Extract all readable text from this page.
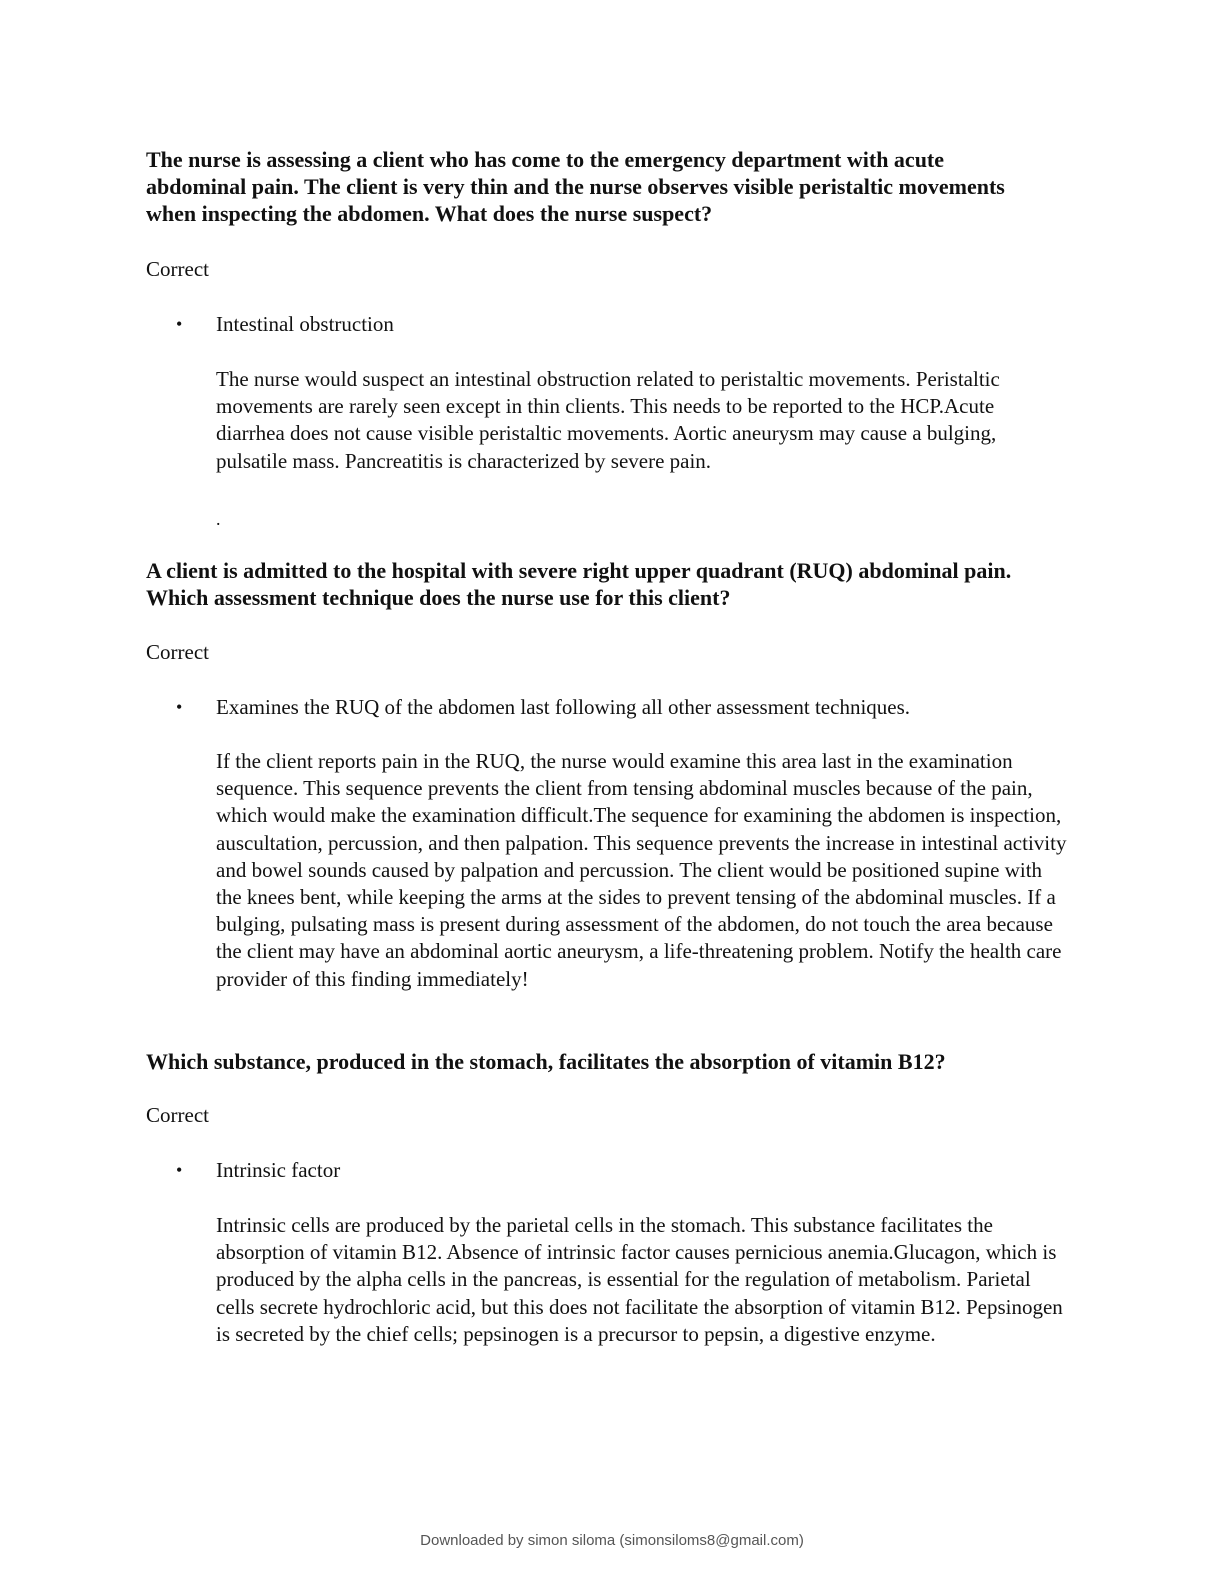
The nurse is assessing a client who has come to the emergency department with acute abdominal pain. The client is very thin and the nurse observes visible peristaltic movements when inspecting the abdomen. What does the nurse suspect?
Correct
• Intestinal obstruction
The nurse would suspect an intestinal obstruction related to peristaltic movements. Peristaltic movements are rarely seen except in thin clients. This needs to be reported to the HCP.Acute diarrhea does not cause visible peristaltic movements. Aortic aneurysm may cause a bulging, pulsatile mass. Pancreatitis is characterized by severe pain.
.
A client is admitted to the hospital with severe right upper quadrant (RUQ) abdominal pain. Which assessment technique does the nurse use for this client?
Correct
• Examines the RUQ of the abdomen last following all other assessment techniques.
If the client reports pain in the RUQ, the nurse would examine this area last in the examination sequence. This sequence prevents the client from tensing abdominal muscles because of the pain, which would make the examination difficult.The sequence for examining the abdomen is inspection, auscultation, percussion, and then palpation. This sequence prevents the increase in intestinal activity and bowel sounds caused by palpation and percussion. The client would be positioned supine with the knees bent, while keeping the arms at the sides to prevent tensing of the abdominal muscles. If a bulging, pulsating mass is present during assessment of the abdomen, do not touch the area because the client may have an abdominal aortic aneurysm, a life-threatening problem. Notify the health care provider of this finding immediately!
Which substance, produced in the stomach, facilitates the absorption of vitamin B12?
Correct
• Intrinsic factor
Intrinsic cells are produced by the parietal cells in the stomach. This substance facilitates the absorption of vitamin B12. Absence of intrinsic factor causes pernicious anemia.Glucagon, which is produced by the alpha cells in the pancreas, is essential for the regulation of metabolism. Parietal cells secrete hydrochloric acid, but this does not facilitate the absorption of vitamin B12. Pepsinogen is secreted by the chief cells; pepsinogen is a precursor to pepsin, a digestive enzyme.
Downloaded by simon siloma (simonsiloms8@gmail.com)
